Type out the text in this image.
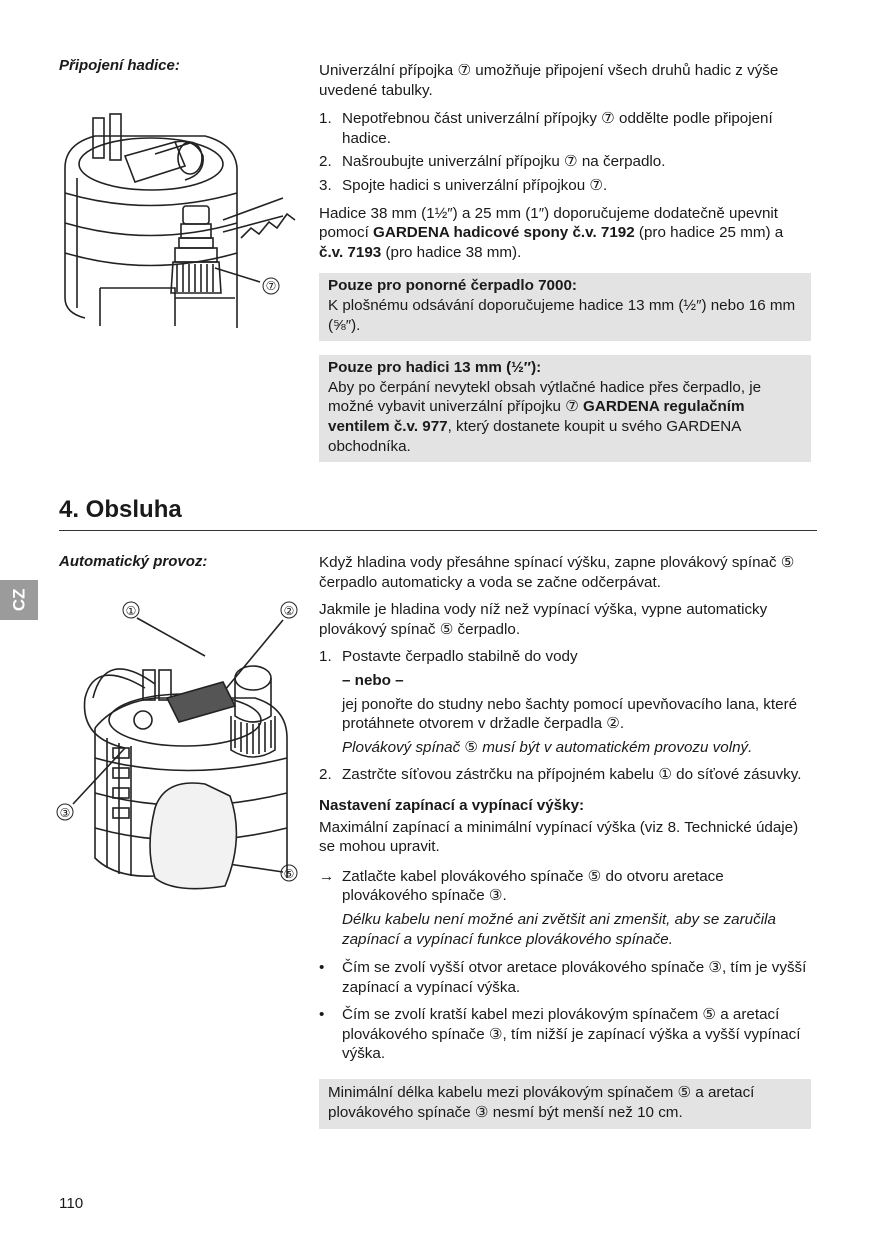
Připojení hadice:
⑦

Univerzální přípojka ⑦ umožňuje připojení všech druhů hadic z výše uvedené tabulky.

1. Nepotřebnou část univerzální přípojky ⑦ oddělte podle připojení hadice.
2. Našroubujte univerzální přípojku ⑦ na čerpadlo.
3. Spojte hadici s univerzální přípojkou ⑦.

Hadice 38 mm (1½″) a 25 mm (1″) doporučujeme dodatečně upevnit pomocí GARDENA hadicové spony č.v. 7192 (pro hadice 25 mm) a č.v. 7193 (pro hadice 38 mm).

Pouze pro ponorné čerpadlo 7000:

K plošnému odsávání doporučujeme hadice 13 mm (½″) nebo 16 mm (⅝″).

Pouze pro hadici 13 mm (½″):

Aby po čerpání nevytekl obsah výtlačné hadice přes čerpadlo, je možné vybavit univerzální přípojku ⑦ GARDENA regulačním ventilem č.v. 977, který dostanete koupit u svého GARDENA obchodníka.

4. Obsluha
CZ
Automatický provoz:
①	②
③
⑤

Když hladina vody přesáhne spínací výšku, zapne plovákový spínač ⑤ čerpadlo automaticky a voda se začne odčerpávat.

Jakmile je hladina vody níž než vypínací výška, vypne automaticky plovákový spínač ⑤ čerpadlo.

1. Postavte čerpadlo stabilně do vody

– nebo –

jej ponořte do studny nebo šachty pomocí upevňovacího lana, které protáhnete otvorem v držadle čerpadla ②.

Plovákový spínač ⑤ musí být v automatickém provozu volný.

2. Zastrčte síťovou zástrčku na přípojném kabelu ① do síťové zásuvky.

Nastavení zapínací a vypínací výšky:

Maximální zapínací a minimální vypínací výška (viz 8. Technické údaje) se mohou upravit.

→ Zatlačte kabel plovákového spínače ⑤ do otvoru aretace plovákového spínače ③.

Délku kabelu není možné ani zvětšit ani zmenšit, aby se zaručila zapínací a vypínací funkce plovákového spínače.

• Čím se zvolí vyšší otvor aretace plovákového spínače ③, tím je vyšší zapínací a vypínací výška.
• Čím se zvolí kratší kabel mezi plovákovým spínačem ⑤ a aretací plovákového spínače ③, tím nižší je zapínací výška a vyšší vypínací výška.

Minimální délka kabelu mezi plovákovým spínačem ⑤ a aretací plovákového spínače ③ nesmí být menší než 10 cm.

110
